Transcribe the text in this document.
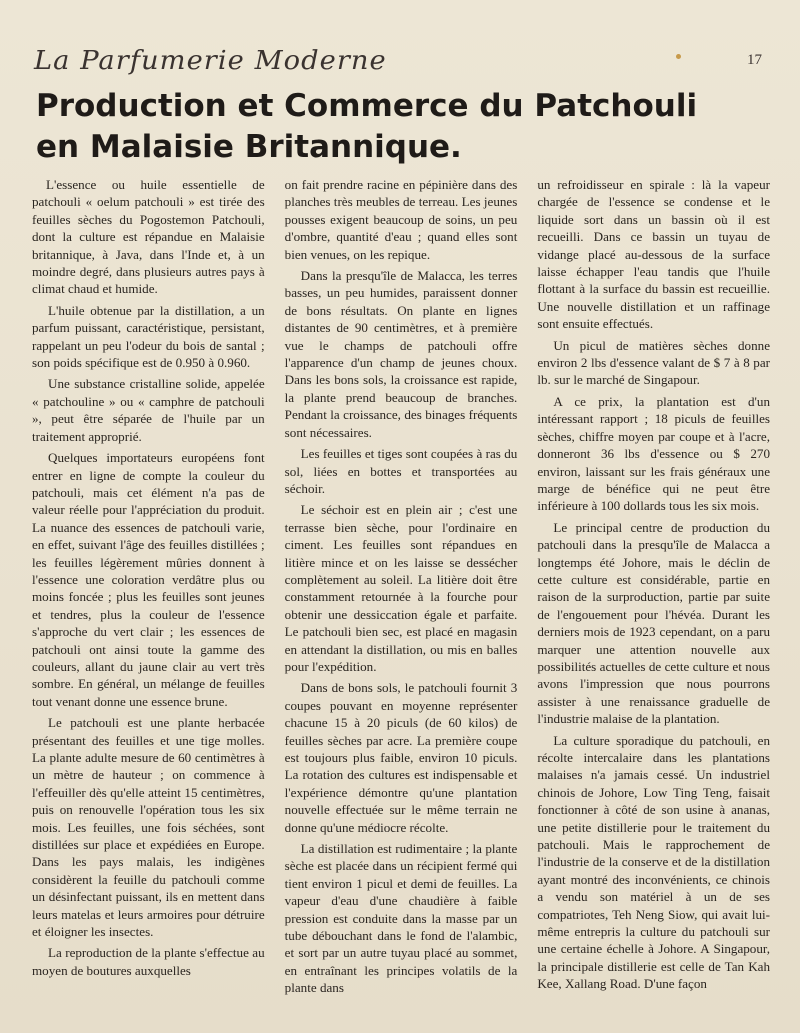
La Parfumerie Moderne	17
Production et Commerce du Patchouli
en Malaisie Britannique.

L'essence ou huile essentielle de patchouli « oelum patchouli » est tirée des feuilles sèches du Pogostemon Patchouli, dont la culture est répandue en Malaisie britannique, à Java, dans l'Inde et, à un moindre degré, dans plusieurs autres pays à climat chaud et humide.

L'huile obtenue par la distillation, a un parfum puissant, caractéristique, persistant, rappelant un peu l'odeur du bois de santal ; son poids spécifique est de 0.950 à 0.960.

Une substance cristalline solide, appelée « patchouline » ou « camphre de patchouli », peut être séparée de l'huile par un traitement approprié.

Quelques importateurs européens font entrer en ligne de compte la couleur du patchouli, mais cet élément n'a pas de valeur réelle pour l'appréciation du produit. La nuance des essences de patchouli varie, en effet, suivant l'âge des feuilles distillées ; les feuilles légèrement mûries donnent à l'essence une coloration verdâtre plus ou moins foncée ; plus les feuilles sont jeunes et tendres, plus la couleur de l'essence s'approche du vert clair ; les essences de patchouli ont ainsi toute la gamme des couleurs, allant du jaune clair au vert très sombre. En général, un mélange de feuilles tout venant donne une essence brune.

Le patchouli est une plante herbacée présentant des feuilles et une tige molles. La plante adulte mesure de 60 centimètres à un mètre de hauteur ; on commence à l'effeuiller dès qu'elle atteint 15 centimètres, puis on renouvelle l'opération tous les six mois. Les feuilles, une fois séchées, sont distillées sur place et expédiées en Europe. Dans les pays malais, les indigènes considèrent la feuille du patchouli comme un désinfectant puissant, ils en mettent dans leurs matelas et leurs armoires pour détruire et éloigner les insectes.

La reproduction de la plante s'effectue au moyen de boutures auxquelles

on fait prendre racine en pépinière dans des planches très meubles de terreau. Les jeunes pousses exigent beaucoup de soins, un peu d'ombre, quantité d'eau ; quand elles sont bien venues, on les repique.

Dans la presqu'île de Malacca, les terres basses, un peu humides, paraissent donner de bons résultats. On plante en lignes distantes de 90 centimètres, et à première vue le champs de patchouli offre l'apparence d'un champ de jeunes choux. Dans les bons sols, la croissance est rapide, la plante prend beaucoup de branches. Pendant la croissance, des binages fréquents sont nécessaires.

Les feuilles et tiges sont coupées à ras du sol, liées en bottes et transportées au séchoir.

Le séchoir est en plein air ; c'est une terrasse bien sèche, pour l'ordinaire en ciment. Les feuilles sont répandues en litière mince et on les laisse se dessécher complètement au soleil. La litière doit être constamment retournée à la fourche pour obtenir une dessiccation égale et parfaite. Le patchouli bien sec, est placé en magasin en attendant la distillation, ou mis en balles pour l'expédition.

Dans de bons sols, le patchouli fournit 3 coupes pouvant en moyenne représenter chacune 15 à 20 piculs (de 60 kilos) de feuilles sèches par acre. La première coupe est toujours plus faible, environ 10 piculs. La rotation des cultures est indispensable et l'expérience démontre qu'une plantation nouvelle effectuée sur le même terrain ne donne qu'une médiocre récolte.

La distillation est rudimentaire ; la plante sèche est placée dans un récipient fermé qui tient environ 1 picul et demi de feuilles. La vapeur d'eau d'une chaudière à faible pression est conduite dans la masse par un tube débouchant dans le fond de l'alambic, et sort par un autre tuyau placé au sommet, en entraînant les principes volatils de la plante dans

un refroidisseur en spirale : là la vapeur chargée de l'essence se condense et le liquide sort dans un bassin où il est recueilli. Dans ce bassin un tuyau de vidange placé au-dessous de la surface laisse échapper l'eau tandis que l'huile flottant à la surface du bassin est recueillie. Une nouvelle distillation et un raffinage sont ensuite effectués.

Un picul de matières sèches donne environ 2 lbs d'essence valant de $ 7 à 8 par lb. sur le marché de Singapour.

A ce prix, la plantation est d'un intéressant rapport ; 18 piculs de feuilles sèches, chiffre moyen par coupe et à l'acre, donneront 36 lbs d'essence ou $ 270 environ, laissant sur les frais généraux une marge de bénéfice qui ne peut être inférieure à 100 dollards tous les six mois.

Le principal centre de production du patchouli dans la presqu'île de Malacca a longtemps été Johore, mais le déclin de cette culture est considérable, partie en raison de la surproduction, partie par suite de l'engouement pour l'hévéa. Durant les derniers mois de 1923 cependant, on a paru marquer une attention nouvelle aux possibilités actuelles de cette culture et nous avons l'impression que nous pourrons assister à une renaissance graduelle de l'industrie malaise de la plantation.

La culture sporadique du patchouli, en récolte intercalaire dans les plantations malaises n'a jamais cessé. Un industriel chinois de Johore, Low Ting Teng, faisait fonctionner à côté de son usine à ananas, une petite distillerie pour le traitement du patchouli. Mais le rapprochement de l'industrie de la conserve et de la distillation ayant montré des inconvénients, ce chinois a vendu son matériel à un de ses compatriotes, Teh Neng Siow, qui avait lui-même entrepris la culture du patchouli sur une certaine échelle à Johore. A Singapour, la principale distillerie est celle de Tan Kah Kee, Xallang Road. D'une façon
